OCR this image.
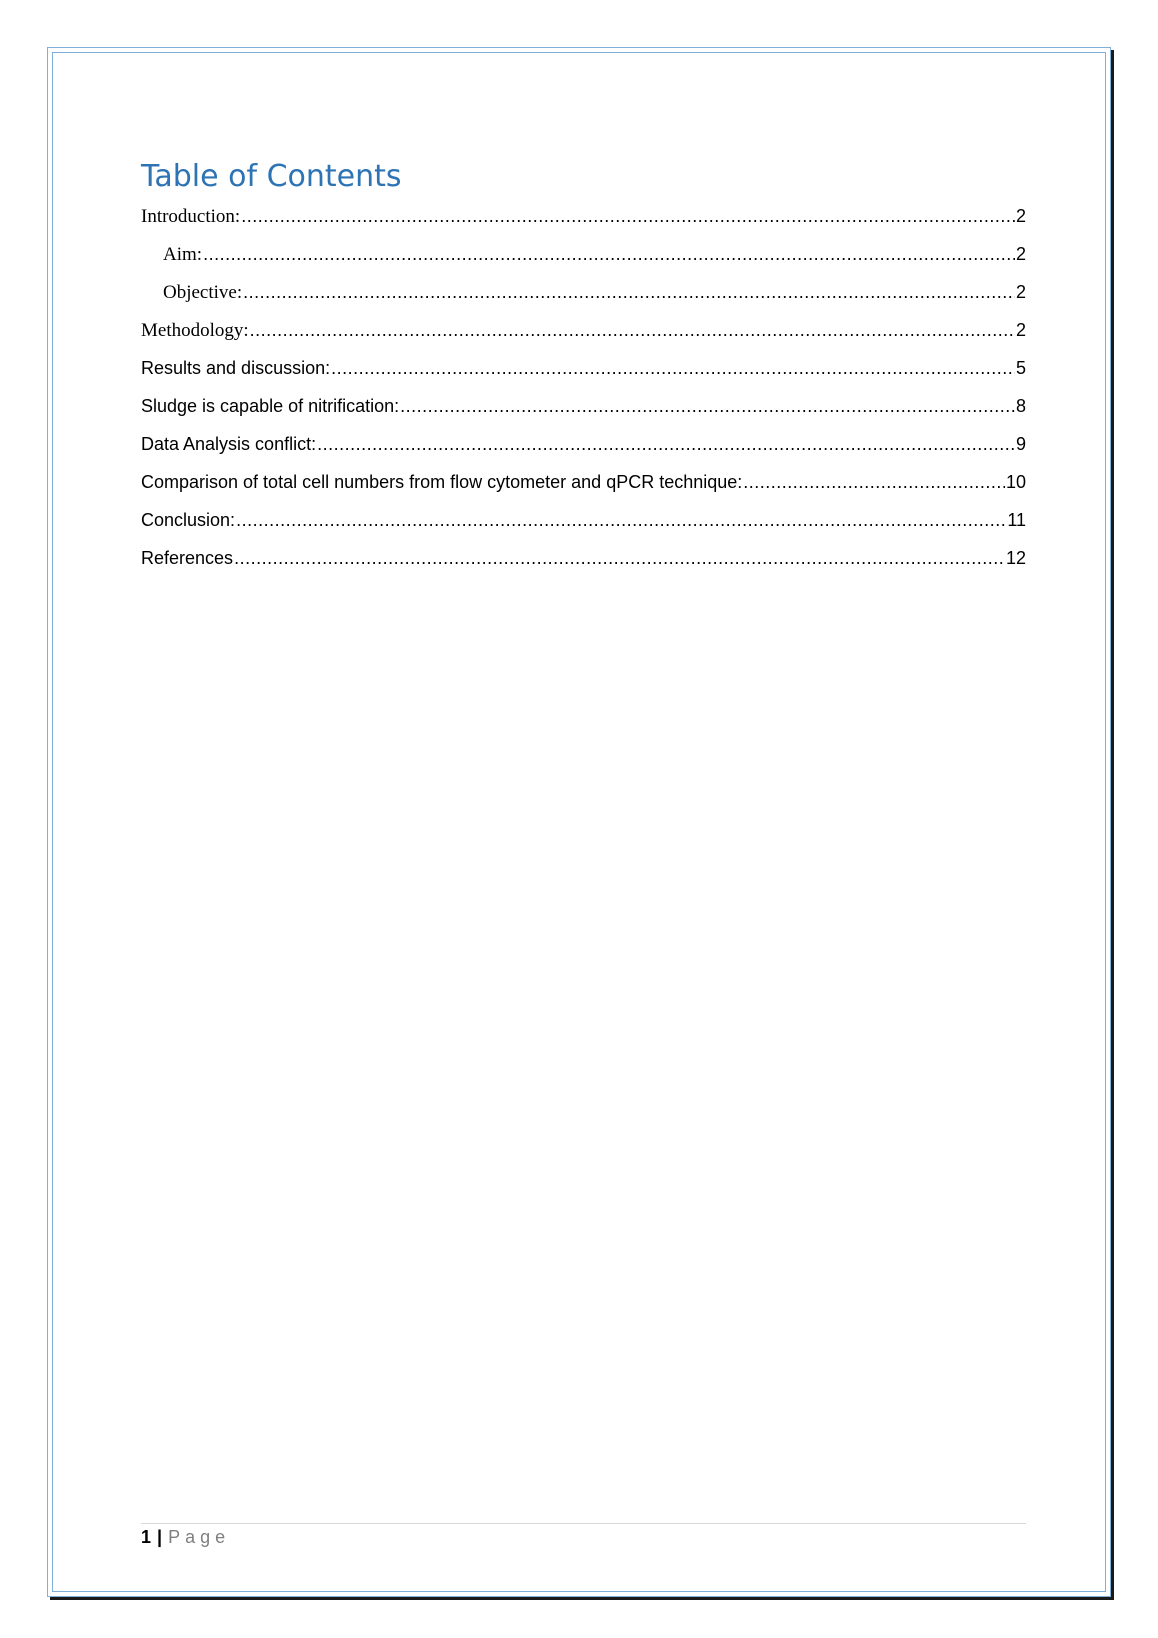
Table of Contents
Introduction: .....	2
Aim: .....	2
Objective: .....	2
Methodology: .....	2
Results and discussion: .....	5
Sludge is capable of nitrification: .....	8
Data Analysis conflict: .....	9
Comparison of total cell numbers from flow cytometer and qPCR technique: .....	10
Conclusion: .....	11
References .....	12
1 | Page
